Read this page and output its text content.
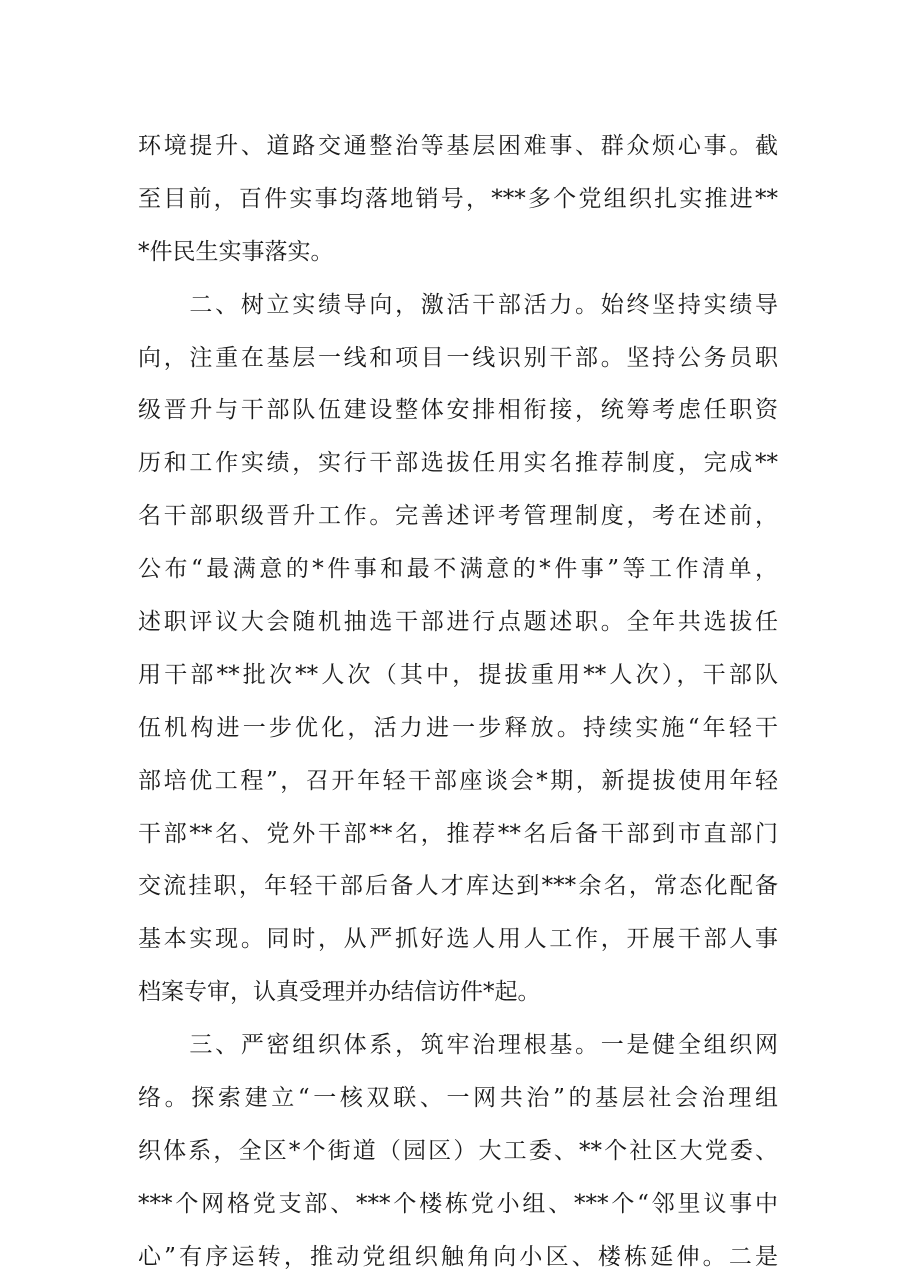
环境提升、道路交通整治等基层困难事、群众烦心事。截
至目前，百件实事均落地销号，***多个党组织扎实推进**
*件民生实事落实。
　　二、树立实绩导向，激活干部活力。始终坚持实绩导
向，注重在基层一线和项目一线识别干部。坚持公务员职
级晋升与干部队伍建设整体安排相衔接，统筹考虑任职资
历和工作实绩，实行干部选拔任用实名推荐制度，完成**
名干部职级晋升工作。完善述评考管理制度，考在述前，
公布“最满意的*件事和最不满意的*件事”等工作清单，
述职评议大会随机抽选干部进行点题述职。全年共选拔任
用干部**批次**人次（其中，提拔重用**人次），干部队
伍机构进一步优化，活力进一步释放。持续实施“年轻干
部培优工程”，召开年轻干部座谈会*期，新提拔使用年轻
干部**名、党外干部**名，推荐**名后备干部到市直部门
交流挂职，年轻干部后备人才库达到***余名，常态化配备
基本实现。同时，从严抓好选人用人工作，开展干部人事
档案专审，认真受理并办结信访件*起。
　　三、严密组织体系，筑牢治理根基。一是健全组织网
络。探索建立“一核双联、一网共治”的基层社会治理组
织体系，全区*个街道（园区）大工委、**个社区大党委、
***个网格党支部、***个楼栋党小组、***个“邻里议事中
心”有序运转，推动党组织触角向小区、楼栋延伸。二是
